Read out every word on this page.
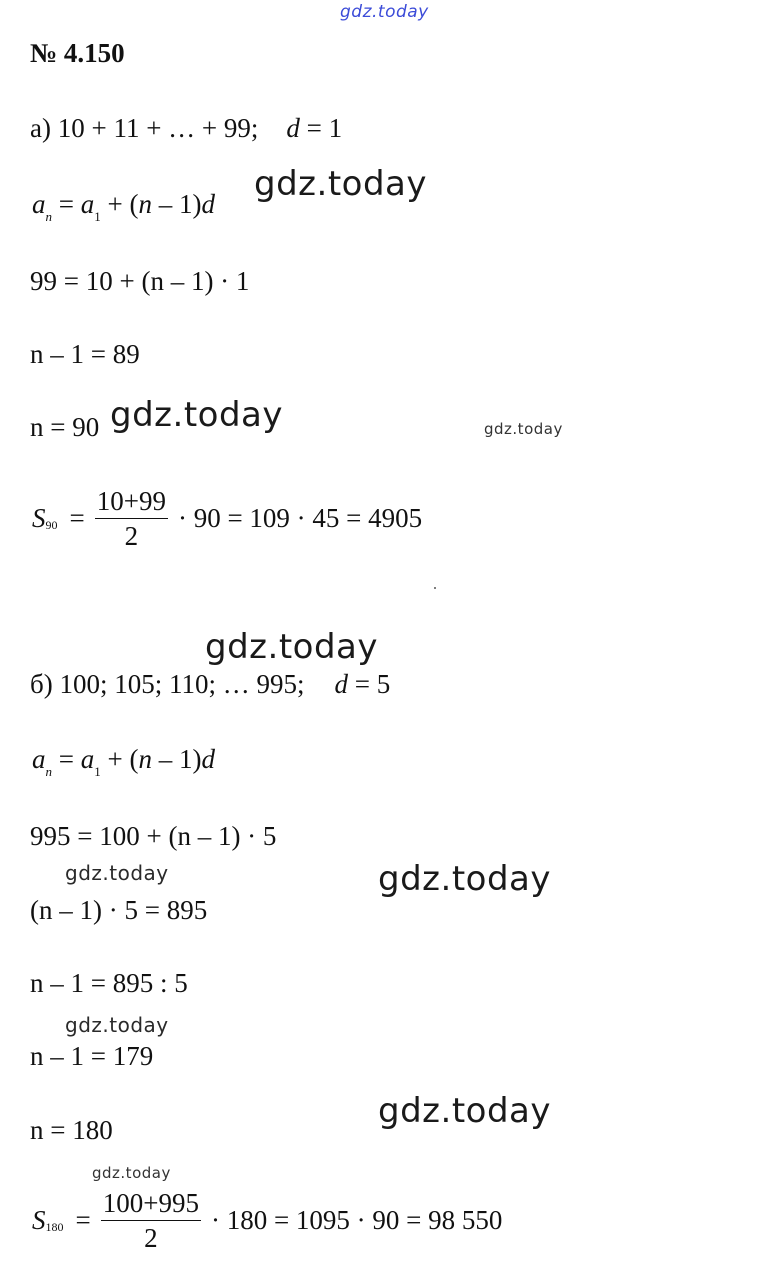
gdz.today
№ 4.150
а) 10 + 11 + … + 99; d = 1
$a_n = a_1 + (n - 1)d$
99 = 10 + (n – 1) · 1
n – 1 = 89
n = 90
$S_{90} = \frac{10+99}{2} \cdot 90 = 109 \cdot 45 = 4905$
б) 100; 105; 110; … 995; d = 5
$a_n = a_1 + (n - 1)d$
995 = 100 + (n – 1) · 5
(n – 1) · 5 = 895
n – 1 = 895 : 5
n – 1 = 179
n = 180
$S_{180} = \frac{100+995}{2} \cdot 180 = 1095 \cdot 90 = 98$ 550
gdz.today
gdz.today	gdz.today
gdz.today
gdz.today	gdz.today
gdz.today
gdz.today
gdz.today
